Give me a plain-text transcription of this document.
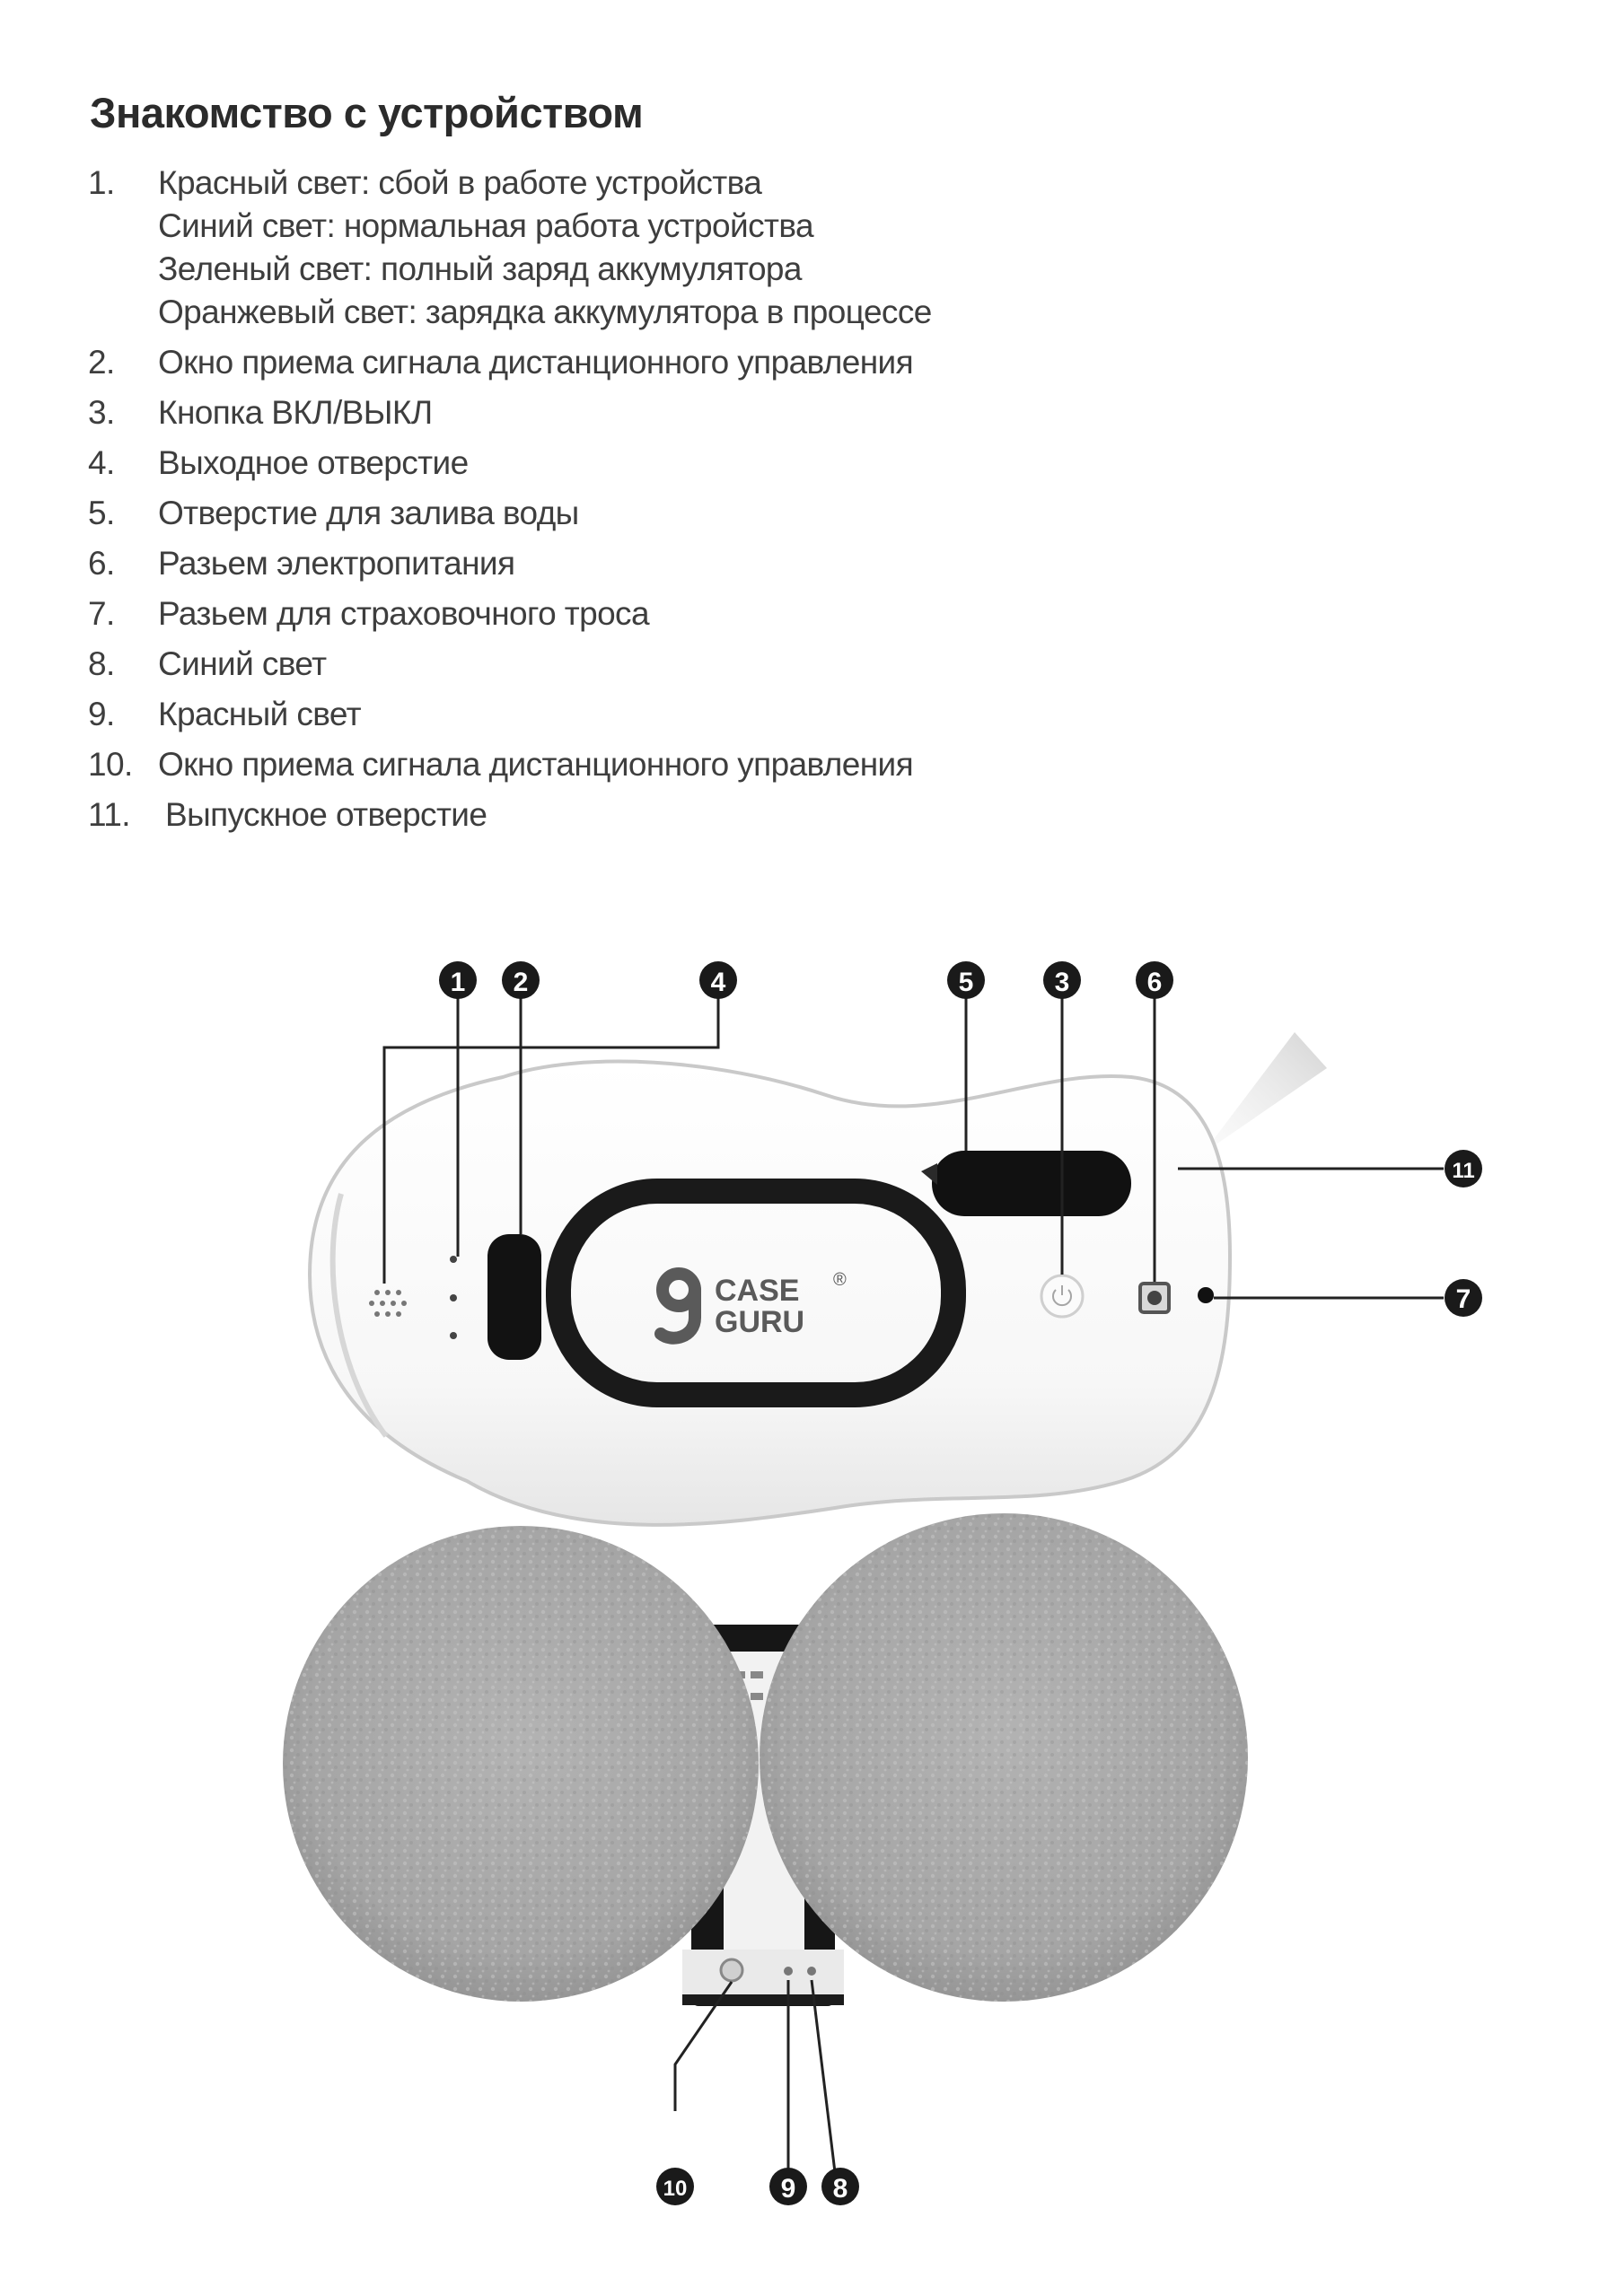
Знакомство с устройством
1.	Красный свет: сбой в работе устройства
Синий свет: нормальная работа устройства
Зеленый свет: полный заряд аккумулятора
Оранжевый свет: зарядка аккумулятора в процессе
2.	Окно приема сигнала дистанционного управления
3.	Кнопка ВКЛ/ВЫКЛ
4.	Выходное отверстие
5.	Отверстие для залива воды
6.	Разьем электропитания
7.	Разьем для страховочного троса
8.	Синий свет
9.	Красный свет
10. Окно приема сигнала дистанционного управления
11.	Выпускное отверстие
CASE
GURU
®
1 2	4	5	3	6
11
7
10	9 8
